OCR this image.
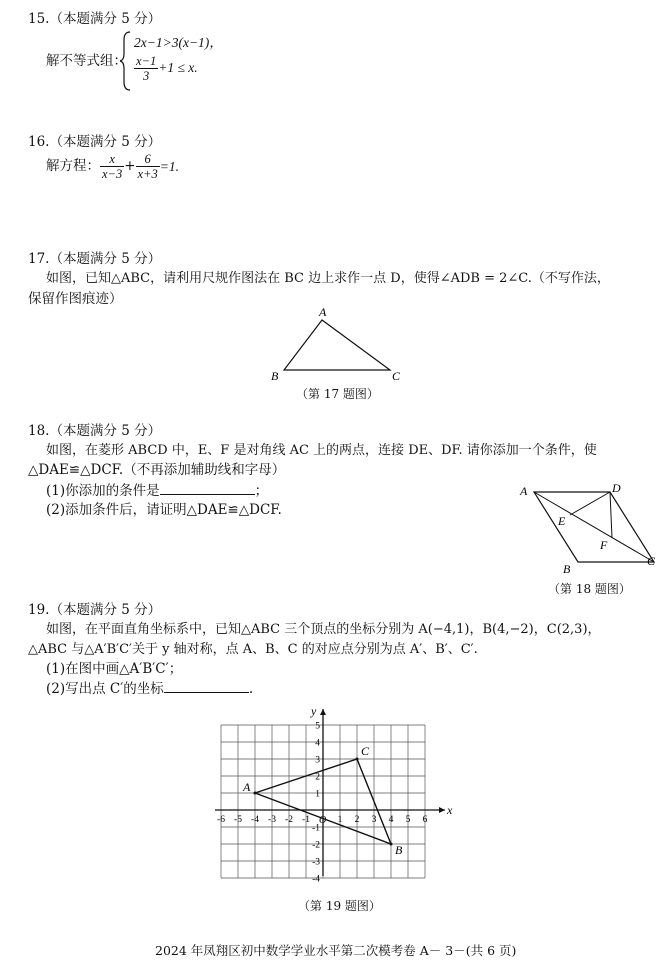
15.（本题满分 5 分）
解不等式组：
2x−1>3(x−1)，
$\frac{x-1}{3} +1 \le x$.
16.（本题满分 5 分）
解方程： $\frac{x}{x-3} + \frac{6}{x+3} =1$.
17.（本题满分 5 分）
如图，已知△ABC，请利用尺规作图法在 BC 边上求作一点 D，使得∠ADB = 2∠C.（不写作法，
保留作图痕迹）
A
B	C
（第 17 题图）
18.（本题满分 5 分）
如图，在菱形 ABCD 中，E、F 是对角线 AC 上的两点，连接 DE、DF. 请你添加一个条件，使
△DAE≌△DCF.（不再添加辅助线和字母）
(1)你添加的条件是	；
(2)添加条件后，请证明△DAE≌△DCF.
A	D
E
F
C
B
（第 18 题图）
19.（本题满分 5 分）
如图，在平面直角坐标系中，已知△ABC 三个顶点的坐标分别为 A(−4,1)，B(4,−2)，C(2,3)，
△ABC 与△A′B′C′关于 y 轴对称，点 A、B、C 的对应点分别为点 A′、B′、C′.
(1)在图中画△A′B′C′；
(2)写出点 C′的坐标	.
x
y
O
-6 -5 -4 -3 -2 -1	1 2 3 4 5 6
5
4
3
2
1
-1
-2
-3
-4
A
B
C
（第 19 题图）
2024 年凤翔区初中数学学业水平第二次模考卷 A－ 3－(共 6 页)
